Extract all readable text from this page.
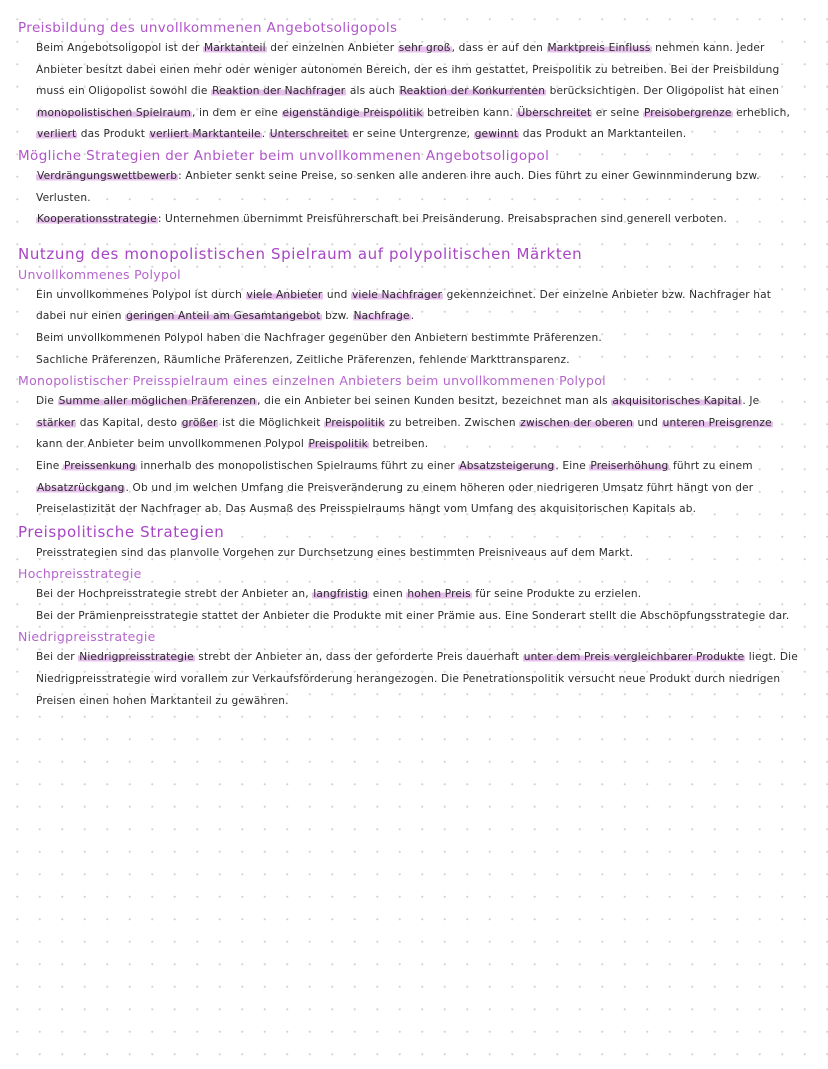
Preisbildung des unvollkommenen Angebotsoligopols

Beim Angebotsoligopol ist der Marktanteil der einzelnen Anbieter sehr groß, dass er auf den Marktpreis Einfluss nehmen kann. Jeder Anbieter besitzt dabei einen mehr oder weniger autonomen Bereich, der es ihm gestattet, Preispolitik zu betreiben. Bei der Preisbildung muss ein Oligopolist sowohl die Reaktion der Nachfrager als auch Reaktion der Konkurrenten berücksichtigen. Der Oligopolist hat einen monopolistischen Spielraum, in dem er eine eigenständige Preispolitik betreiben kann. Überschreitet er seine Preisobergrenze erheblich, verliert das Produkt verliert Marktanteile. Unterschreitet er seine Untergrenze, gewinnt das Produkt an Marktanteilen.

Mögliche Strategien der Anbieter beim unvollkommenen Angebotsoligopol

Verdrängungswettbewerb: Anbieter senkt seine Preise, so senken alle anderen ihre auch. Dies führt zu einer Gewinnminderung bzw. Verlusten.

Kooperationsstrategie: Unternehmen übernimmt Preisführerschaft bei Preisänderung. Preisabsprachen sind generell verboten.

Nutzung des monopolistischen Spielraum auf polypolitischen Märkten
Unvollkommenes Polypol

Ein unvollkommenes Polypol ist durch viele Anbieter und viele Nachfrager gekennzeichnet. Der einzelne Anbieter bzw. Nachfrager hat dabei nur einen geringen Anteil am Gesamtangebot bzw. Nachfrage.

Beim unvollkommenen Polypol haben die Nachfrager gegenüber den Anbietern bestimmte Präferenzen.

Sachliche Präferenzen, Räumliche Präferenzen, Zeitliche Präferenzen, fehlende Markttransparenz.

Monopolistischer Preisspielraum eines einzelnen Anbieters beim unvollkommenen Polypol

Die Summe aller möglichen Präferenzen, die ein Anbieter bei seinen Kunden besitzt, bezeichnet man als akquisitorisches Kapital. Je stärker das Kapital, desto größer ist die Möglichkeit Preispolitik zu betreiben. Zwischen zwischen der oberen und unteren Preisgrenze kann der Anbieter beim unvollkommenen Polypol Preispolitik betreiben.

Eine Preissenkung innerhalb des monopolistischen Spielraums führt zu einer Absatzsteigerung. Eine Preiserhöhung führt zu einem Absatzrückgang. Ob und im welchen Umfang die Preisveränderung zu einem höheren oder niedrigeren Umsatz führt hängt von der Preiselastizität der Nachfrager ab. Das Ausmaß des Preisspielraums hängt vom Umfang des akquisitorischen Kapitals ab.

Preispolitische Strategien

Preisstrategien sind das planvolle Vorgehen zur Durchsetzung eines bestimmten Preisniveaus auf dem Markt.

Hochpreisstrategie

Bei der Hochpreisstrategie strebt der Anbieter an, langfristig einen hohen Preis für seine Produkte zu erzielen.

Bei der Prämienpreisstrategie stattet der Anbieter die Produkte mit einer Prämie aus. Eine Sonderart stellt die Abschöpfungsstrategie dar.

Niedrigpreisstrategie

Bei der Niedrigpreisstrategie strebt der Anbieter an, dass der geforderte Preis dauerhaft unter dem Preis vergleichbarer Produkte liegt. Die Niedrigpreisstrategie wird vorallem zur Verkaufsförderung herangezogen. Die Penetrationspolitik versucht neue Produkt durch niedrigen Preisen einen hohen Marktanteil zu gewähren.
